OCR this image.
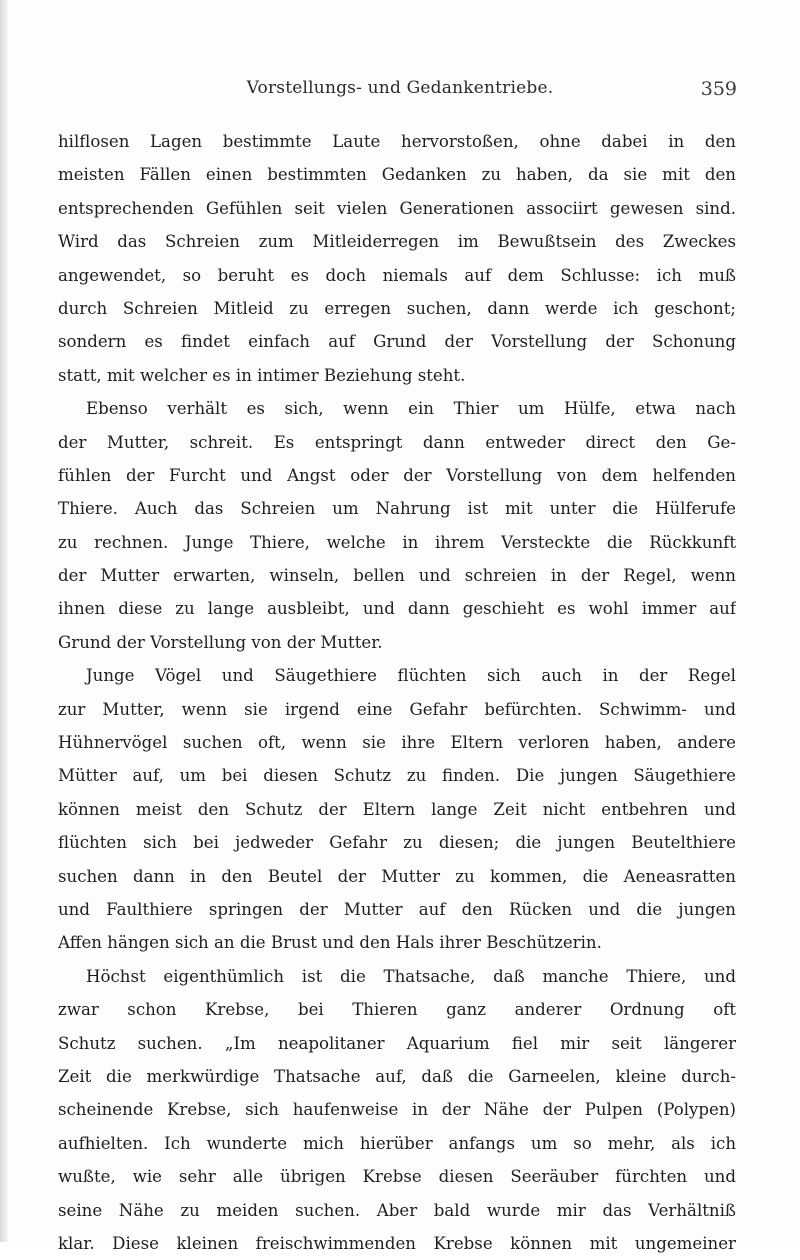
Vorstellungs- und Gedankentriebe.	359
hilflosen Lagen bestimmte Laute hervorstoßen, ohne dabei in den
meisten Fällen einen bestimmten Gedanken zu haben, da sie mit den
entsprechenden Gefühlen seit vielen Generationen associirt gewesen sind.
Wird das Schreien zum Mitleiderregen im Bewußtsein des Zweckes
angewendet, so beruht es doch niemals auf dem Schlusse: ich muß
durch Schreien Mitleid zu erregen suchen, dann werde ich geschont;
sondern es findet einfach auf Grund der Vorstellung der Schonung
statt, mit welcher es in intimer Beziehung steht.
Ebenso verhält es sich, wenn ein Thier um Hülfe, etwa nach
der Mutter, schreit. Es entspringt dann entweder direct den Ge-
fühlen der Furcht und Angst oder der Vorstellung von dem helfenden
Thiere. Auch das Schreien um Nahrung ist mit unter die Hülferufe
zu rechnen. Junge Thiere, welche in ihrem Versteckte die Rückkunft
der Mutter erwarten, winseln, bellen und schreien in der Regel, wenn
ihnen diese zu lange ausbleibt, und dann geschieht es wohl immer auf
Grund der Vorstellung von der Mutter.
Junge Vögel und Säugethiere flüchten sich auch in der Regel
zur Mutter, wenn sie irgend eine Gefahr befürchten. Schwimm- und
Hühnervögel suchen oft, wenn sie ihre Eltern verloren haben, andere
Mütter auf, um bei diesen Schutz zu finden. Die jungen Säugethiere
können meist den Schutz der Eltern lange Zeit nicht entbehren und
flüchten sich bei jedweder Gefahr zu diesen; die jungen Beutelthiere
suchen dann in den Beutel der Mutter zu kommen, die Aeneasratten
und Faulthiere springen der Mutter auf den Rücken und die jungen
Affen hängen sich an die Brust und den Hals ihrer Beschützerin.
Höchst eigenthümlich ist die Thatsache, daß manche Thiere, und
zwar schon Krebse, bei Thieren ganz anderer Ordnung oft
Schutz suchen. „Im neapolitaner Aquarium fiel mir seit längerer
Zeit die merkwürdige Thatsache auf, daß die Garneelen, kleine durch-
scheinende Krebse, sich haufenweise in der Nähe der Pulpen (Polypen)
aufhielten. Ich wunderte mich hierüber anfangs um so mehr, als ich
wußte, wie sehr alle übrigen Krebse diesen Seeräuber fürchten und
seine Nähe zu meiden suchen. Aber bald wurde mir das Verhältniß
klar. Diese kleinen freischwimmenden Krebse können mit ungemeiner
